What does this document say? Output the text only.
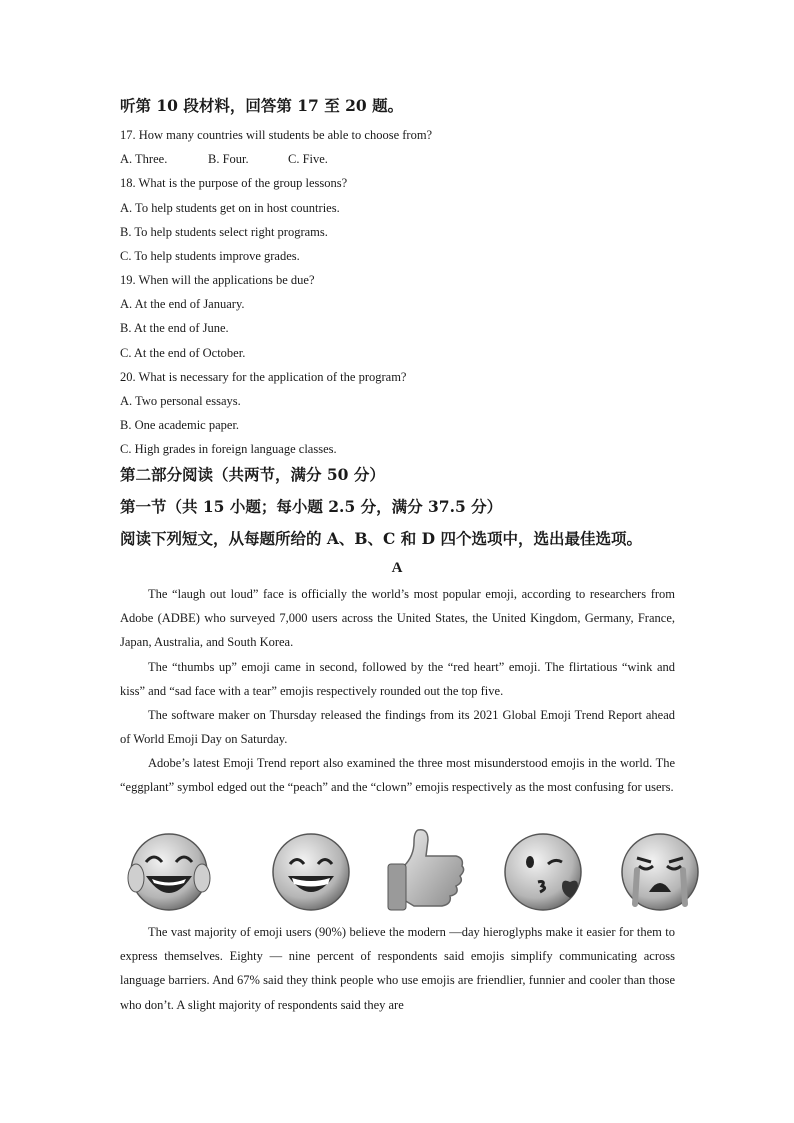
听第 10 段材料，回答第 17 至 20 题。
17. How many countries will students be able to choose from?
A. Three.	B. Four.	C. Five.
18. What is the purpose of the group lessons?
A. To help students get on in host countries.
B. To help students select right programs.
C. To help students improve grades.
19. When will the applications be due?
A. At the end of January.
B. At the end of June.
C. At the end of October.
20. What is necessary for the application of the program?
A. Two personal essays.
B. One academic paper.
C. High grades in foreign language classes.
第二部分阅读（共两节，满分 50 分）
第一节（共 15 小题；每小题 2.5 分，满分 37.5 分）
阅读下列短文，从每题所给的 A、B、C 和 D 四个选项中，选出最佳选项。
A
The “laugh out loud” face is officially the world’s most popular emoji, according to researchers from Adobe (ADBE) who surveyed 7,000 users across the United States, the United Kingdom, Germany, France, Japan, Australia, and South Korea.
The “thumbs up” emoji came in second, followed by the “red heart” emoji. The flirtatious “wink and kiss” and “sad face with a tear” emojis respectively rounded out the top five.
The software maker on Thursday released the findings from its 2021 Global Emoji Trend Report ahead of World Emoji Day on Saturday.
Adobe’s latest Emoji Trend report also examined the three most misunderstood emojis in the world. The “eggplant” symbol edged out the “peach” and the “clown” emojis respectively as the most confusing for users.
The vast majority of emoji users (90%) believe the modern —day hieroglyphs make it easier for them to express themselves. Eighty — nine percent of respondents said emojis simplify communicating across language barriers. And 67% said they think people who use emojis are friendlier, funnier and cooler than those who don’t. A slight majority of respondents said they are
